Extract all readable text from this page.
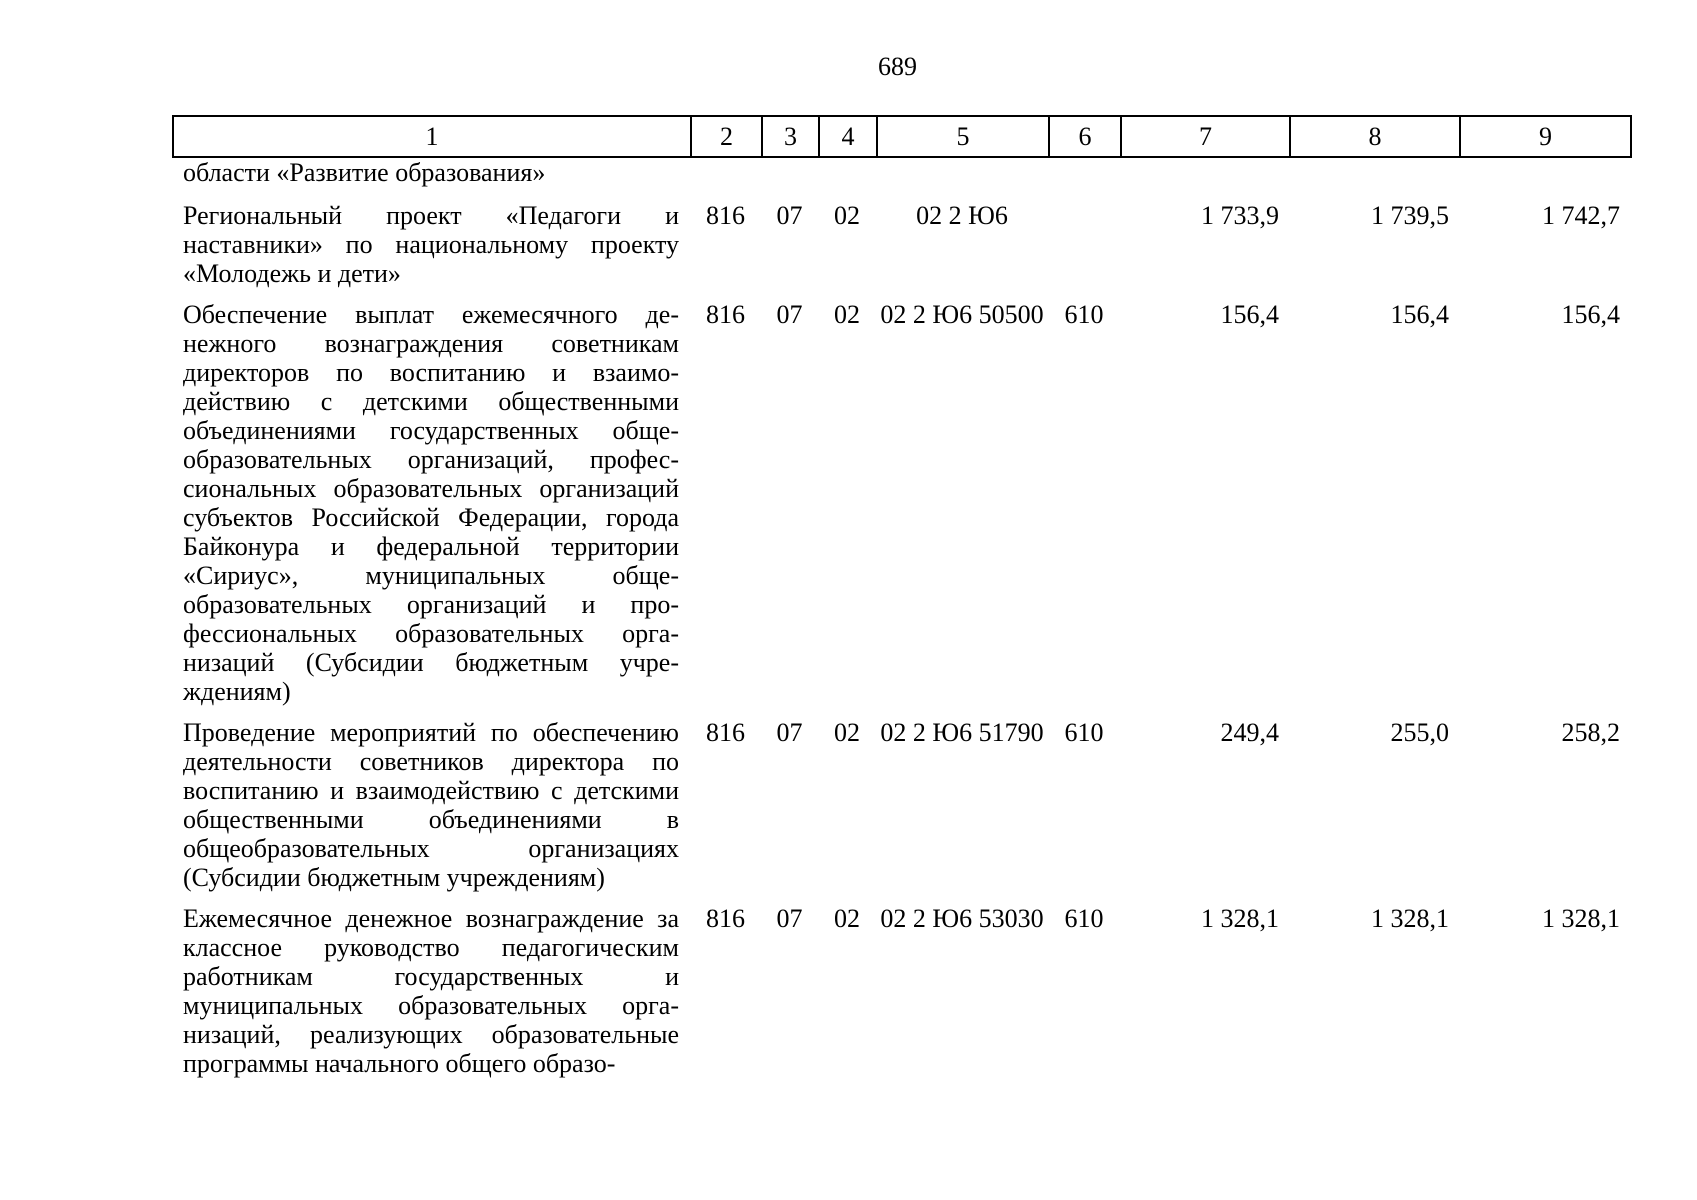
689
1	2	3	4	5	6	7	8	9
области «Развитие образования»								
Региональный проект «Педагоги и наставники» по национальному проекту «Молодежь и дети»	816	07	02	02 2 Ю6		1 733,9	1 739,5	1 742,7
Обеспечение выплат ежемесячного денежного вознаграждения советникам директоров по воспитанию и взаимодействию с детскими общественными объединениями государственных общеобразовательных организаций, профессиональных образовательных организаций субъектов Российской Федерации, города Байконура и федеральной территории «Сириус», муниципальных общеобразовательных организаций и профессиональных образовательных организаций (Субсидии бюджетным учреждениям)	816	07	02	02 2 Ю6 50500	610	156,4	156,4	156,4
Проведение мероприятий по обеспечению деятельности советников директора по воспитанию и взаимодействию с детскими общественными объединениями в общеобразовательных организациях (Субсидии бюджетным учреждениям)	816	07	02	02 2 Ю6 51790	610	249,4	255,0	258,2
Ежемесячное денежное вознаграждение за классное руководство педагогическим работникам государственных и муниципальных образовательных организаций, реализующих образовательные программы начального общего образо-	816	07	02	02 2 Ю6 53030	610	1 328,1	1 328,1	1 328,1
